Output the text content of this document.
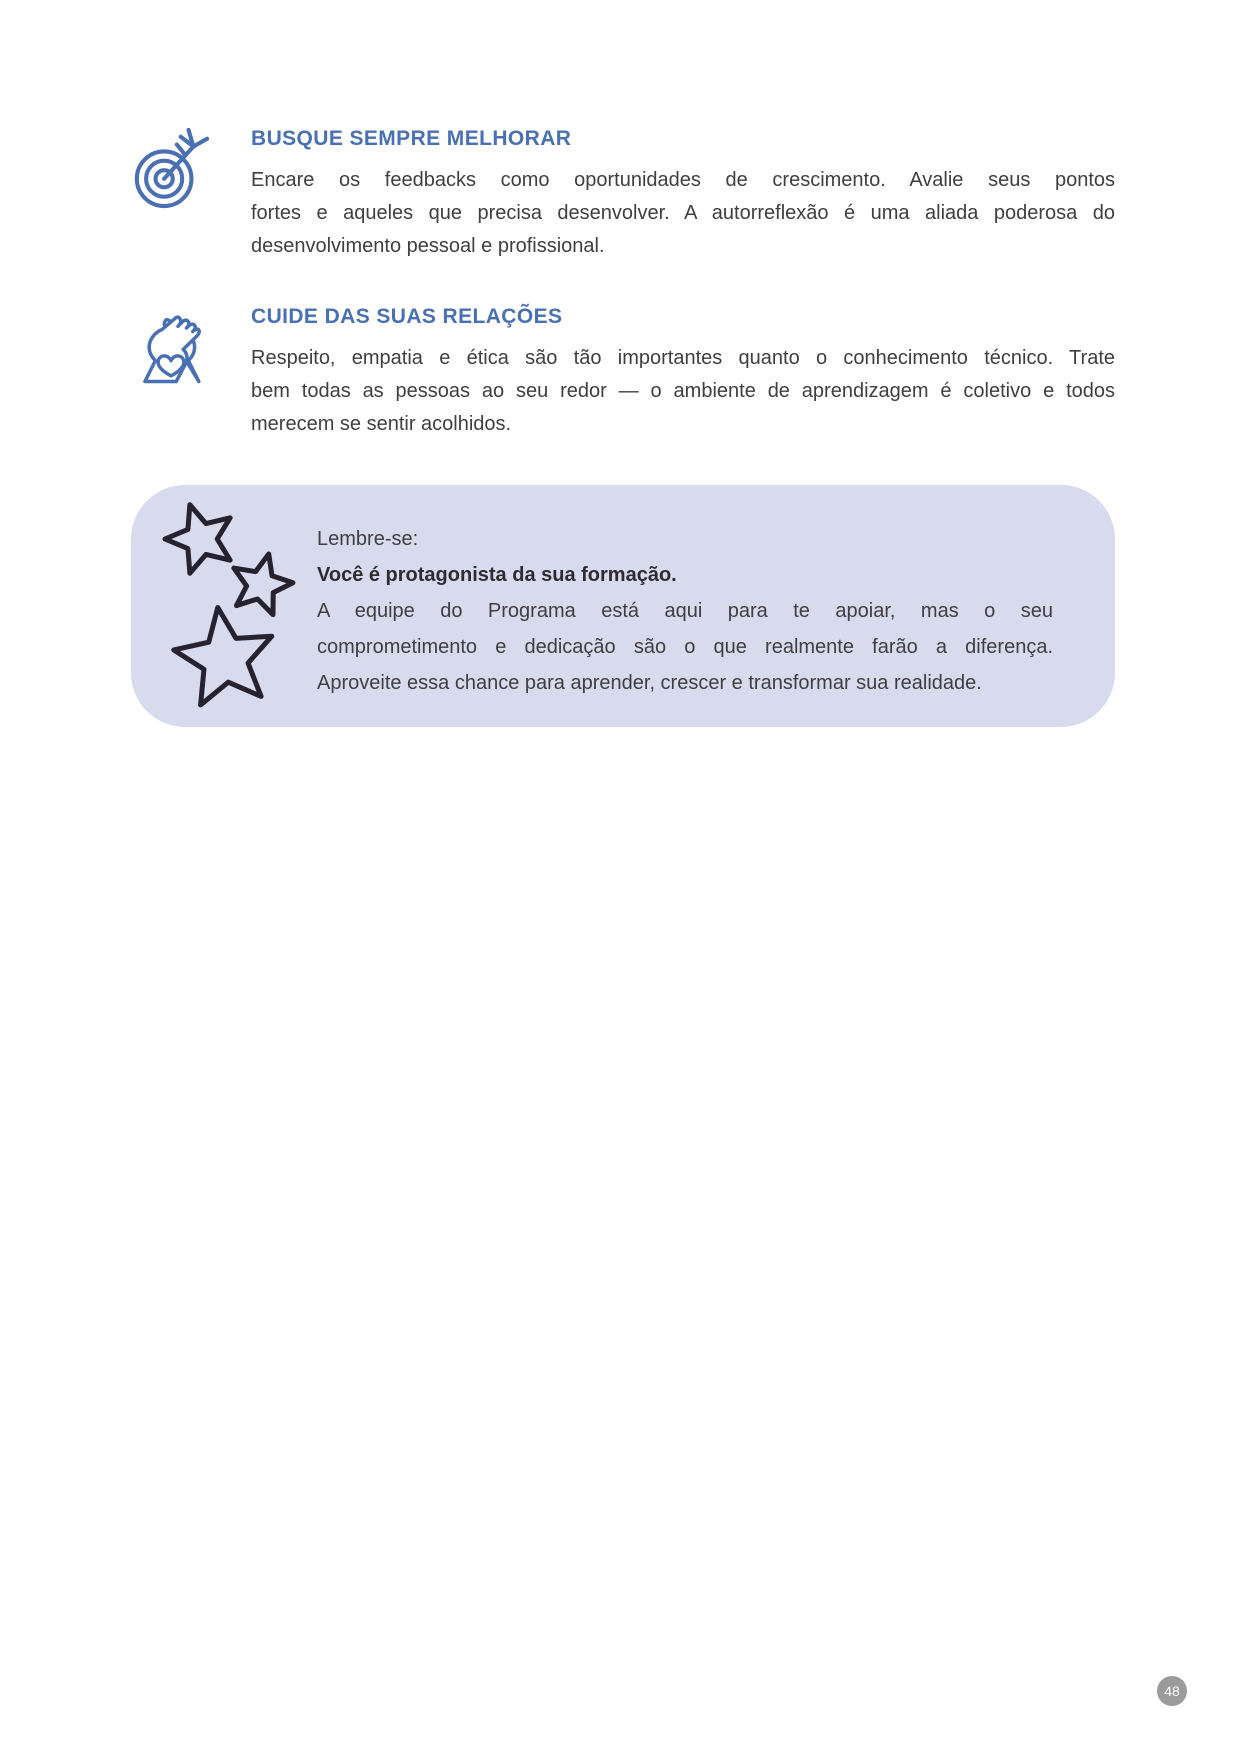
BUSQUE SEMPRE MELHORAR
Encare os feedbacks como oportunidades de crescimento. Avalie seus pontos
fortes e aqueles que precisa desenvolver. A autorreflexão é uma aliada poderosa do
desenvolvimento pessoal e profissional.
CUIDE DAS SUAS RELAÇÕES
Respeito, empatia e ética são tão importantes quanto o conhecimento técnico. Trate
bem todas as pessoas ao seu redor — o ambiente de aprendizagem é coletivo e todos
merecem se sentir acolhidos.
Lembre-se:
Você é protagonista da sua formação.
A equipe do Programa está aqui para te apoiar, mas o seu
comprometimento e dedicação são o que realmente farão a diferença.
Aproveite essa chance para aprender, crescer e transformar sua realidade.
48
